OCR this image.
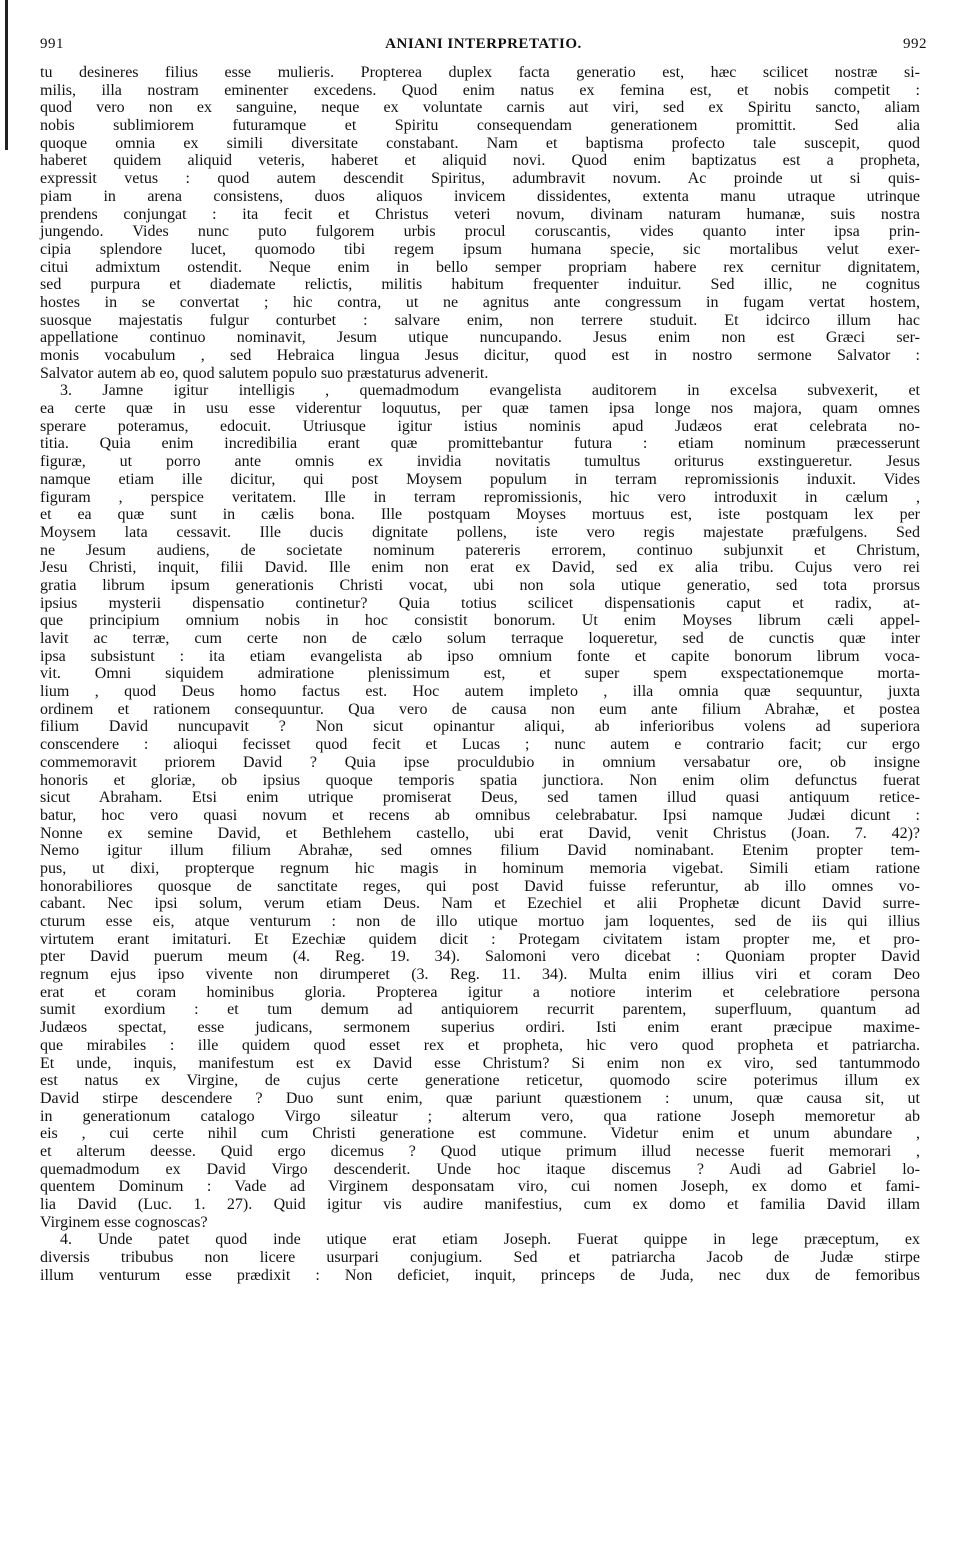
991	ANIANI INTERPRETATIO.	992
tu desineres filius esse mulieris. Propterea duplex facta generatio est, hæc scilicet nostræ si-
milis, illa nostram eminenter excedens. Quod enim natus ex femina est, et nobis competit :
quod vero non ex sanguine, neque ex voluntate carnis aut viri, sed ex Spiritu sancto, aliam
nobis sublimiorem futuramque et Spiritu consequendam generationem promittit. Sed alia
quoque omnia ex simili diversitate constabant. Nam et baptisma profecto tale suscepit, quod
haberet quidem aliquid veteris, haberet et aliquid novi. Quod enim baptizatus est a propheta,
expressit vetus : quod autem descendit Spiritus, adumbravit novum. Ac proinde ut si quis-
piam in arena consistens, duos aliquos invicem dissidentes, extenta manu utraque utrinque
prendens conjungat : ita fecit et Christus veteri novum, divinam naturam humanæ, suis nostra
jungendo. Vides nunc puto fulgorem urbis procul coruscantis, vides quanto inter ipsa prin-
cipia splendore lucet, quomodo tibi regem ipsum humana specie, sic mortalibus velut exer-
citui admixtum ostendit. Neque enim in bello semper propriam habere rex cernitur dignitatem,
sed purpura et diademate relictis, militis habitum frequenter induitur. Sed illic, ne cognitus
hostes in se convertat ; hic contra, ut ne agnitus ante congressum in fugam vertat hostem,
suosque majestatis fulgur conturbet : salvare enim, non terrere studuit. Et idcirco illum hac
appellatione continuo nominavit, Jesum utique nuncupando. Jesus enim non est Græci ser-
monis vocabulum , sed Hebraica lingua Jesus dicitur, quod est in nostro sermone Salvator :
Salvator autem ab eo, quod salutem populo suo præstaturus advenerit.
3. Jamne igitur intelligis , quemadmodum evangelista auditorem in excelsa subvexerit, et
ea certe quæ in usu esse viderentur loquutus, per quæ tamen ipsa longe nos majora, quam omnes
sperare poteramus, edocuit. Utriusque igitur istius nominis apud Judæos erat celebrata no-
titia. Quia enim incredibilia erant quæ promittebantur futura : etiam nominum præcesserunt
figuræ, ut porro ante omnis ex invidia novitatis tumultus oriturus exstingueretur. Jesus
namque etiam ille dicitur, qui post Moysem populum in terram repromissionis induxit. Vides
figuram , perspice veritatem. Ille in terram repromissionis, hic vero introduxit in cælum ,
et ea quæ sunt in cælis bona. Ille postquam Moyses mortuus est, iste postquam lex per
Moysem lata cessavit. Ille ducis dignitate pollens, iste vero regis majestate præfulgens. Sed
ne Jesum audiens, de societate nominum patereris errorem, continuo subjunxit et Christum,
Jesu Christi, inquit, filii David. Ille enim non erat ex David, sed ex alia tribu. Cujus vero rei
gratia librum ipsum generationis Christi vocat, ubi non sola utique generatio, sed tota prorsus
ipsius mysterii dispensatio continetur? Quia totius scilicet dispensationis caput et radix, at-
que principium omnium nobis in hoc consistit bonorum. Ut enim Moyses librum cæli appel-
lavit ac terræ, cum certe non de cælo solum terraque loqueretur, sed de cunctis quæ inter
ipsa subsistunt : ita etiam evangelista ab ipso omnium fonte et capite bonorum librum voca-
vit. Omni siquidem admiratione plenissimum est, et super spem exspectationemque morta-
lium , quod Deus homo factus est. Hoc autem impleto , illa omnia quæ sequuntur, juxta
ordinem et rationem consequuntur. Qua vero de causa non eum ante filium Abrahæ, et postea
filium David nuncupavit ? Non sicut opinantur aliqui, ab inferioribus volens ad superiora
conscendere : alioqui fecisset quod fecit et Lucas ; nunc autem e contrario facit; cur ergo
commemoravit priorem David ? Quia ipse proculdubio in omnium versabatur ore, ob insigne
honoris et gloriæ, ob ipsius quoque temporis spatia junctiora. Non enim olim defunctus fuerat
sicut Abraham. Etsi enim utrique promiserat Deus, sed tamen illud quasi antiquum retice-
batur, hoc vero quasi novum et recens ab omnibus celebrabatur. Ipsi namque Judæi dicunt :
Nonne ex semine David, et Bethlehem castello, ubi erat David, venit Christus (Joan. 7. 42)?
Nemo igitur illum filium Abrahæ, sed omnes filium David nominabant. Etenim propter tem-
pus, ut dixi, propterque regnum hic magis in hominum memoria vigebat. Simili etiam ratione
honorabiliores quosque de sanctitate reges, qui post David fuisse referuntur, ab illo omnes vo-
cabant. Nec ipsi solum, verum etiam Deus. Nam et Ezechiel et alii Prophetæ dicunt David surre-
cturum esse eis, atque venturum : non de illo utique mortuo jam loquentes, sed de iis qui illius
virtutem erant imitaturi. Et Ezechiæ quidem dicit : Protegam civitatem istam propter me, et pro-
pter David puerum meum (4. Reg. 19. 34). Salomoni vero dicebat : Quoniam propter David
regnum ejus ipso vivente non dirumperet (3. Reg. 11. 34). Multa enim illius viri et coram Deo
erat et coram hominibus gloria. Propterea igitur a notiore interim et celebratiore persona
sumit exordium : et tum demum ad antiquiorem recurrit parentem, superfluum, quantum ad
Judæos spectat, esse judicans, sermonem superius ordiri. Isti enim erant præcipue maxime-
que mirabiles : ille quidem quod esset rex et propheta, hic vero quod propheta et patriarcha.
Et unde, inquis, manifestum est ex David esse Christum? Si enim non ex viro, sed tantummodo
est natus ex Virgine, de cujus certe generatione reticetur, quomodo scire poterimus illum ex
David stirpe descendere ? Duo sunt enim, quæ pariunt quæstionem : unum, quæ causa sit, ut
in generationum catalogo Virgo sileatur ; alterum vero, qua ratione Joseph memoretur ab
eis , cui certe nihil cum Christi generatione est commune. Videtur enim et unum abundare ,
et alterum deesse. Quid ergo dicemus ? Quod utique primum illud necesse fuerit memorari ,
quemadmodum ex David Virgo descenderit. Unde hoc itaque discemus ? Audi ad Gabriel lo-
quentem Dominum : Vade ad Virginem desponsatam viro, cui nomen Joseph, ex domo et fami-
lia David (Luc. 1. 27). Quid igitur vis audire manifestius, cum ex domo et familia David illam
Virginem esse cognoscas?
4. Unde patet quod inde utique erat etiam Joseph. Fuerat quippe in lege præceptum, ex
diversis tribubus non licere usurpari conjugium. Sed et patriarcha Jacob de Judæ stirpe
illum venturum esse prædixit : Non deficiet, inquit, princeps de Juda, nec dux de femoribus
